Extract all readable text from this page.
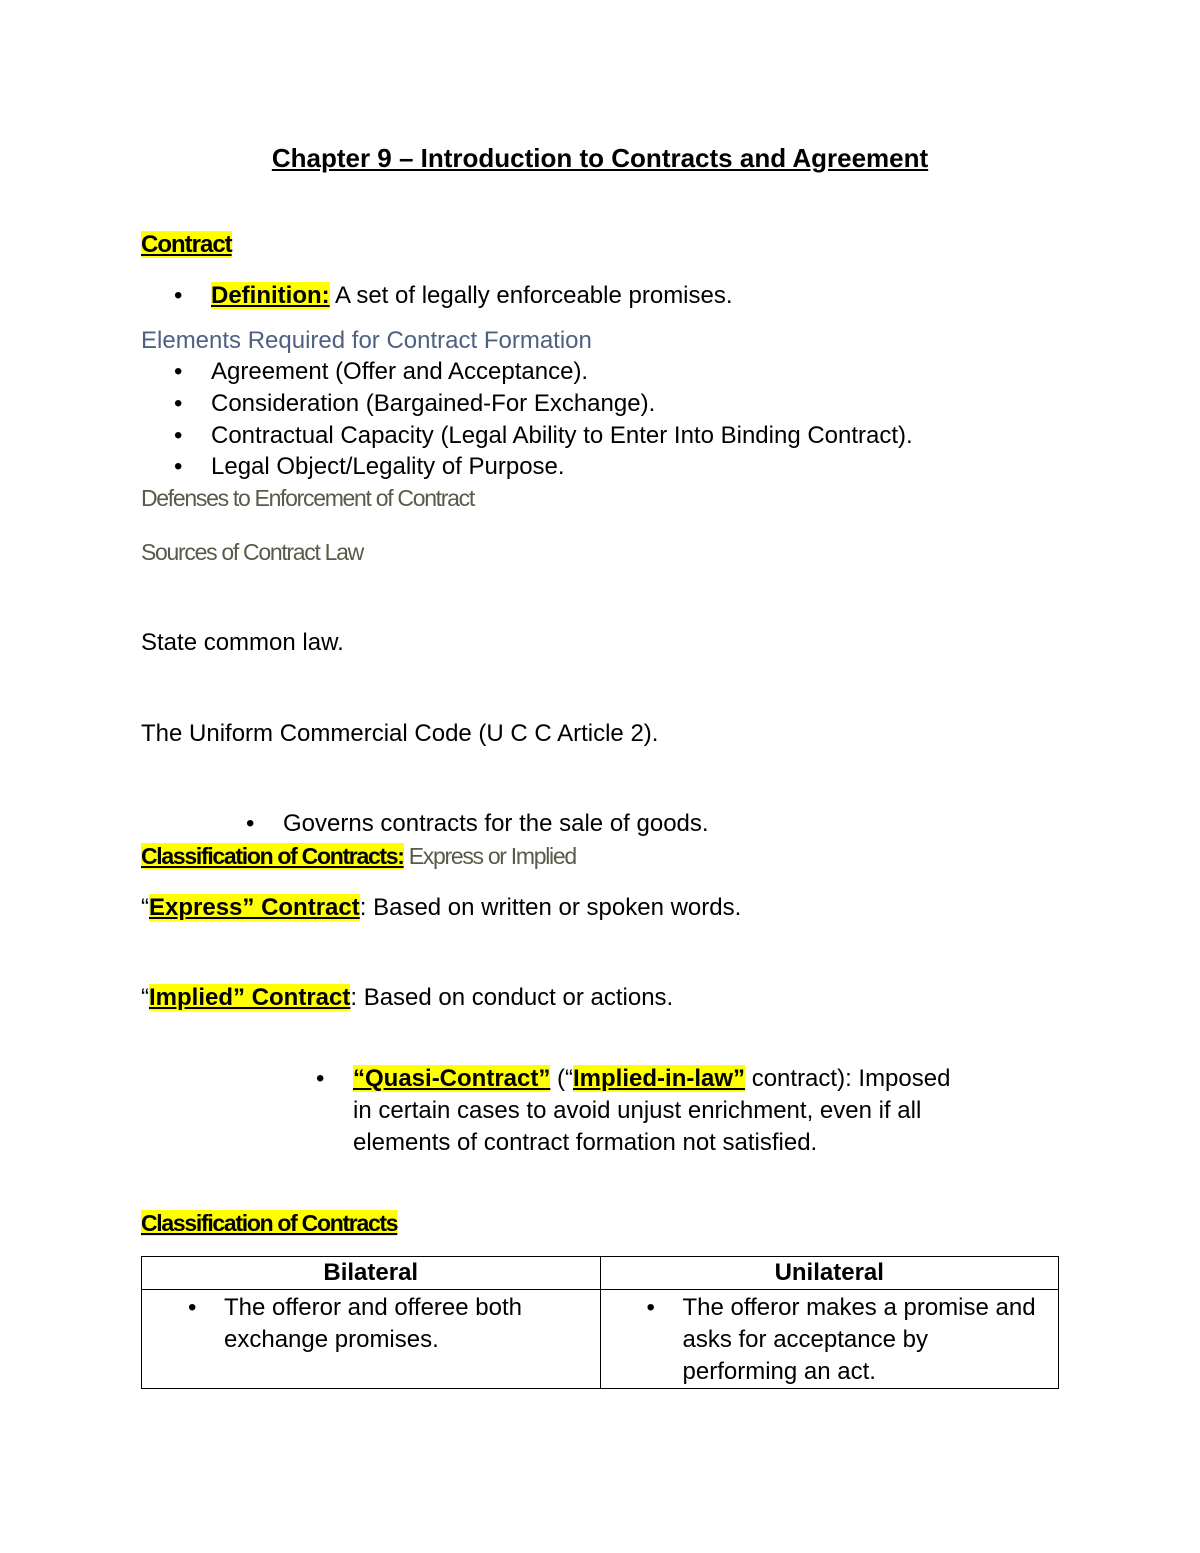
Chapter 9 – Introduction to Contracts and Agreement
Contract
• Definition: A set of legally enforceable promises.
Elements Required for Contract Formation
• Agreement (Offer and Acceptance).
• Consideration (Bargained-For Exchange).
• Contractual Capacity (Legal Ability to Enter Into Binding Contract).
• Legal Object/Legality of Purpose.
Defenses to Enforcement of Contract
Sources of Contract Law
State common law.
The Uniform Commercial Code (U C C Article 2).
• Governs contracts for the sale of goods.
Classification of Contracts: Express or Implied
“Express” Contract: Based on written or spoken words.
“Implied” Contract: Based on conduct or actions.
• “Quasi-Contract” (“Implied-in-law” contract): Imposed
in certain cases to avoid unjust enrichment, even if all
elements of contract formation not satisfied.
Classification of Contracts
Bilateral	Unilateral

• The offeror and offeree both exchange promises.	• The offeror makes a promise and asks for acceptance by performing an act.
